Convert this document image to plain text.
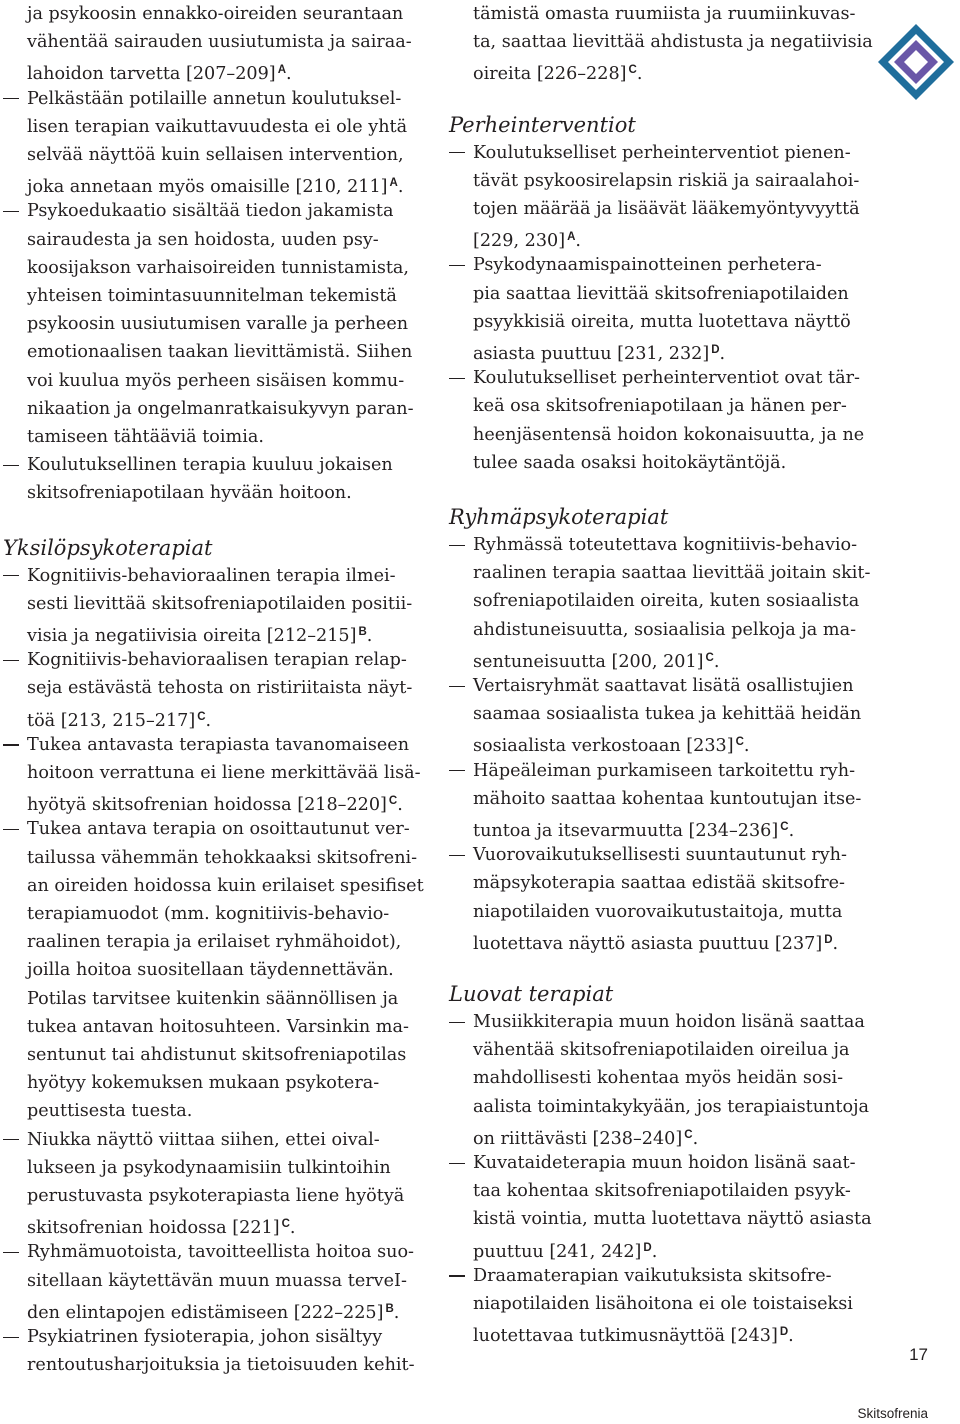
ja psykoosin ennakko-oireiden seurantaan
vähentää sairauden uusiutumista ja sairaa-
lahoidon tarvetta [207–209] $^A$.
Pelkästään potilaille annetun koulutuksel-
lisen terapian vaikuttavuudesta ei ole yhtä
selvää näyttöä kuin sellaisen intervention,
joka annetaan myös omaisille [210, 211] $^A$.
Psykoedukaatio sisältää tiedon jakamista
sairaudesta ja sen hoidosta, uuden psy-
koosijakson varhaisoireiden tunnistamista,
yhteisen toimintasuunnitelman tekemistä
psykoosin uusiutumisen varalle ja perheen
emotionaalisen taakan lievittämistä. Siihen
voi kuulua myös perheen sisäisen kommu-
nikaation ja ongelmanratkaisukyvyn paran-
tamiseen tähtääviä toimia.
Koulutuksellinen terapia kuuluu jokaisen
skitsofreniapotilaan hyvään hoitoon.
Yksilöpsykoterapiat
Kognitiivis-behavioraalinen terapia ilmei-
sesti lievittää skitsofreniapotilaiden positii-
visia ja negatiivisia oireita [212–215] $^B$.
Kognitiivis-behavioraalisen terapian relap-
seja estävästä tehosta on ristiriitaista näyt-
töä [213, 215–217] $^C$.
Tukea antavasta terapiasta tavanomaiseen
hoitoon verrattuna ei liene merkittävää lisä-
hyötyä skitsofrenian hoidossa [218–220] $^C$.
Tukea antava terapia on osoittautunut ver-
tailussa vähemmän tehokkaaksi skitsofreni-
an oireiden hoidossa kuin erilaiset spesifiset
terapiamuodot (mm. kognitiivis-behavio-
raalinen terapia ja erilaiset ryhmähoidot),
joilla hoitoa suositellaan täydennettävän.
Potilas tarvitsee kuitenkin säännöllisen ja
tukea antavan hoitosuhteen. Varsinkin ma-
sentunut tai ahdistunut skitsofreniapotilas
hyötyy kokemuksen mukaan psykotera-
peuttisesta tuesta.
Niukka näyttö viittaa siihen, ettei oival-
lukseen ja psykodynaamisiin tulkintoihin
perustuvasta psykoterapiasta liene hyötyä
skitsofrenian hoidossa [221] $^C$.
Ryhmämuotoista, tavoitteellista hoitoa suo-
sitellaan käytettävän muun muassa terveI-
den elintapojen edistämiseen [222–225] $^B$.
Psykiatrinen fysioterapia, johon sisältyy
rentoutusharjoituksia ja tietoisuuden kehit-
tämistä omasta ruumiista ja ruumiinkuvas-
ta, saattaa lievittää ahdistusta ja negatiivisia
oireita [226–228] $^C$.
Perheinterventiot
Koulutukselliset perheinterventiot pienen-
tävät psykoosirelapsin riskiä ja sairaalahoi-
tojen määrää ja lisäävät lääkemyöntyvyyttä
[229, 230] $^A$.
Psykodynaamispainotteinen perhetera-
pia saattaa lievittää skitsofreniapotilaiden
psyykkisiä oireita, mutta luotettava näyttö
asiasta puuttuu [231, 232] $^D$.
Koulutukselliset perheinterventiot ovat tär-
keä osa skitsofreniapotilaan ja hänen per-
heenjäsentensä hoidon kokonaisuutta, ja ne
tulee saada osaksi hoitokäytäntöjä.
Ryhmäpsykoterapiat
Ryhmässä toteutettava kognitiivis-behavio-
raalinen terapia saattaa lievittää joitain skit-
sofreniapotilaiden oireita, kuten sosiaalista
ahdistuneisuutta, sosiaalisia pelkoja ja ma-
sentuneisuutta [200, 201] $^C$.
Vertaisryhmät saattavat lisätä osallistujien
saamaa sosiaalista tukea ja kehittää heidän
sosiaalista verkostoaan [233] $^C$.
Häpeäleiman purkamiseen tarkoitettu ryh-
mähoito saattaa kohentaa kuntoutujan itse-
tuntoa ja itsevarmuutta [234–236] $^C$.
Vuorovaikutuksellisesti suuntautunut ryh-
mäpsykoterapia saattaa edistää skitsofre-
niapotilaiden vuorovaikutustaitoja, mutta
luotettava näyttö asiasta puuttuu [237] $^D$.
Luovat terapiat
Musiikkiterapia muun hoidon lisänä saattaa
vähentää skitsofreniapotilaiden oireilua ja
mahdollisesti kohentaa myös heidän sosi-
aalista toimintakykyään, jos terapiaistuntoja
on riittävästi [238–240] $^C$.
Kuvataideterapia muun hoidon lisänä saat-
taa kohentaa skitsofreniapotilaiden psyyk-
kistä vointia, mutta luotettava näyttö asiasta
puuttuu [241, 242] $^D$.
Draamaterapian vaikutuksista skitsofre-
niapotilaiden lisähoitona ei ole toistaiseksi
luotettavaa tutkimusnäyttöä [243] $^D$.
17
Skitsofrenia
